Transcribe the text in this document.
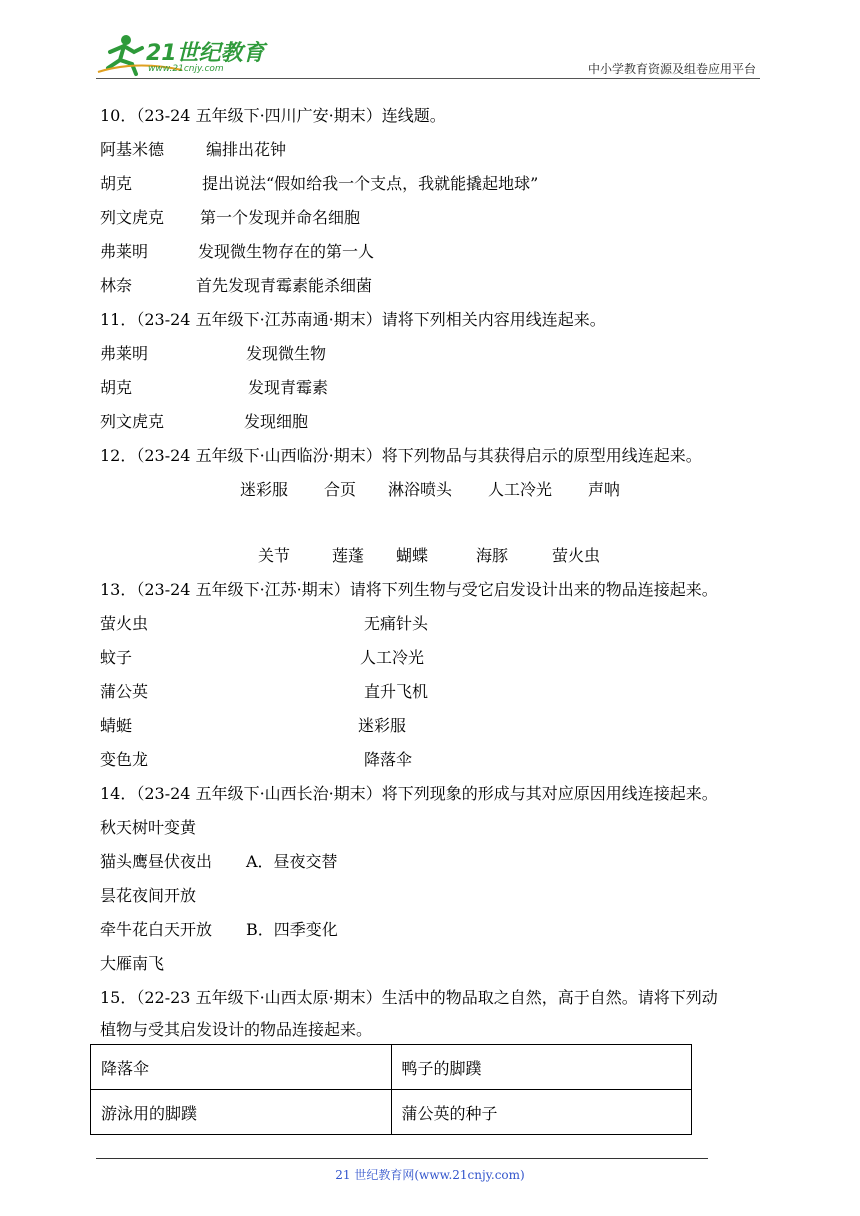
21世纪教育
www.21cnjy.com	中小学教育资源及组卷应用平台
10．（23-24 五年级下·四川广安·期末）连线题。
阿基米德	编排出花钟
胡克	提出说法“假如给我一个支点，我就能撬起地球”
列文虎克 第一个发现并命名细胞
弗莱明	发现微生物存在的第一人
林奈	首先发现青霉素能杀细菌
11．（23-24 五年级下·江苏南通·期末）请将下列相关内容用线连起来。
弗莱明	发现微生物
胡克	发现青霉素
列文虎克	发现细胞
12．（23-24 五年级下·山西临汾·期末）将下列物品与其获得启示的原型用线连起来。
迷彩服 合页 淋浴喷头 人工冷光 声呐
关节	莲蓬 蝴蝶	海豚	萤火虫
13．（23-24 五年级下·江苏·期末）请将下列生物与受它启发设计出来的物品连接起来。
萤火虫	无痛针头
蚊子	人工冷光
蒲公英	直升飞机
蜻蜓	迷彩服
变色龙	降落伞
14．（23-24 五年级下·山西长治·期末）将下列现象的形成与其对应原因用线连接起来。
秋天树叶变黄
猫头鹰昼伏夜出 A．昼夜交替
昙花夜间开放
牵牛花白天开放 B．四季变化
大雁南飞
15．（22-23 五年级下·山西太原·期末）生活中的物品取之自然，高于自然。请将下列动
植物与受其启发设计的物品连接起来。
降落伞	鸭子的脚蹼
游泳用的脚蹼	蒲公英的种子
21 世纪教育网(www.21cnjy.com)
